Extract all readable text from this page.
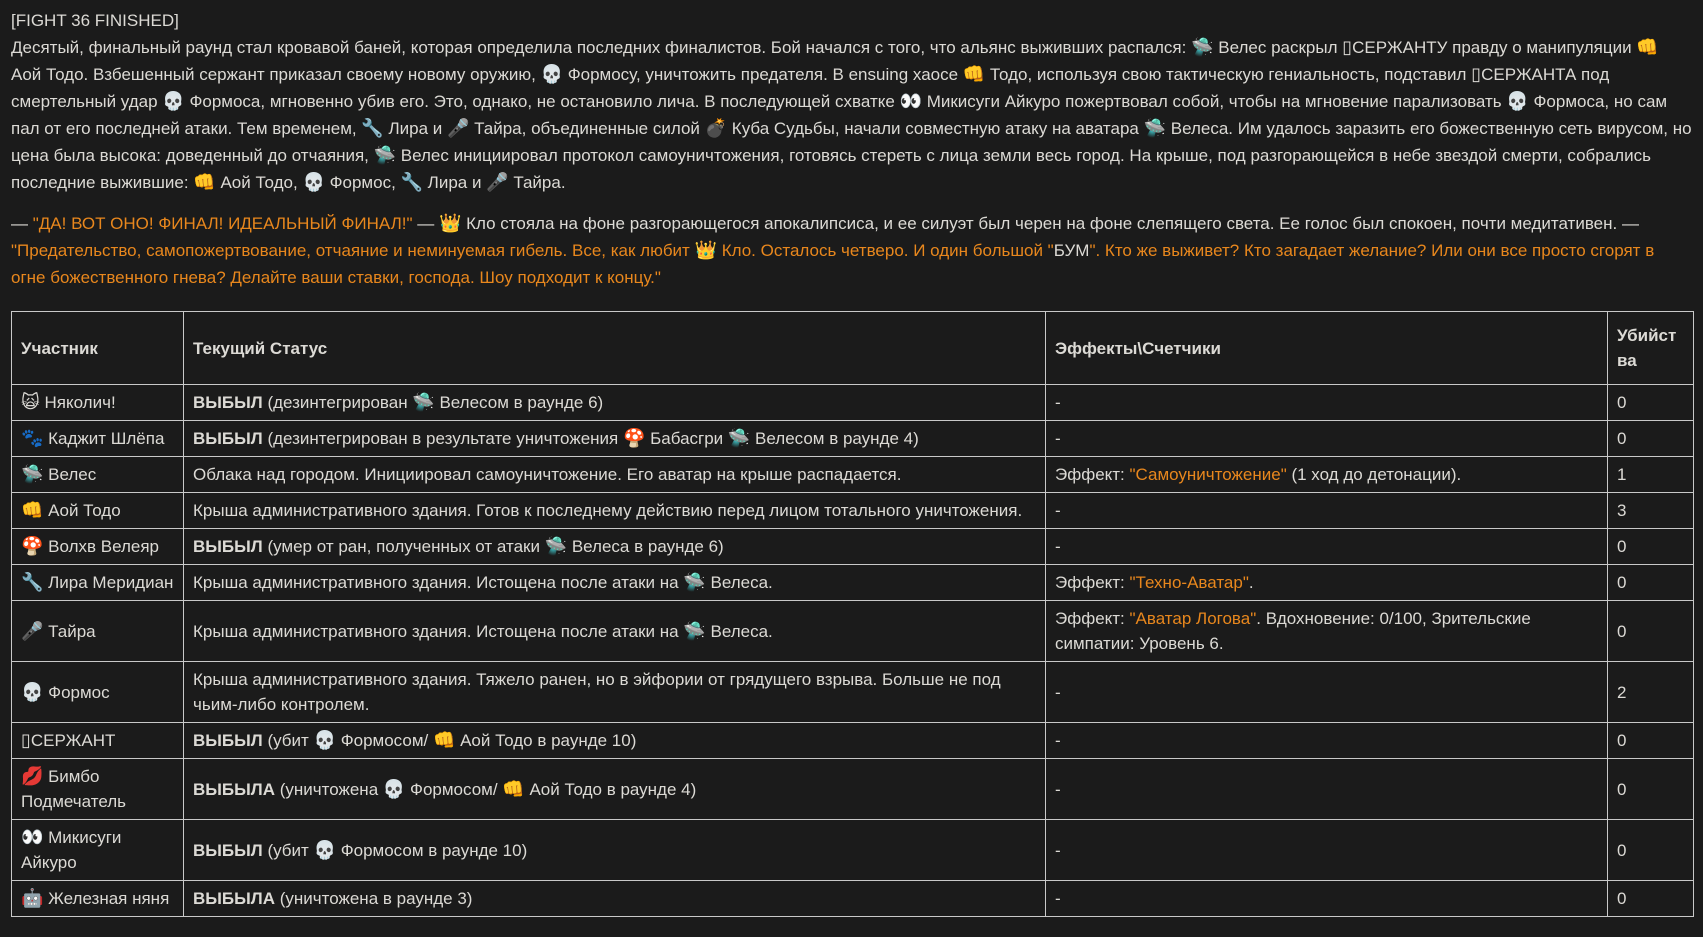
[FIGHT 36 FINISHED]

Десятый, финальный раунд стал кровавой баней, которая определила последних финалистов. Бой начался с того, что альянс выживших распался: 🛸 Велес раскрыл ▯СЕРЖАНТУ правду о манипуляции 👊 Аой Тодо. Взбешенный сержант приказал своему новому оружию, 💀 Формосу, уничтожить предателя. В ensuing хаосе 👊 Тодо, используя свою тактическую гениальность, подставил ▯СЕРЖАНТА под смертельный удар 💀 Формоса, мгновенно убив его. Это, однако, не остановило лича. В последующей схватке 👀 Микисуги Айкуро пожертвовал собой, чтобы на мгновение парализовать 💀 Формоса, но сам пал от его последней атаки. Тем временем, 🔧 Лира и 🎤 Тайра, объединенные силой 💣 Куба Судьбы, начали совместную атаку на аватара 🛸 Велеса. Им удалось заразить его божественную сеть вирусом, но цена была высока: доведенный до отчаяния, 🛸 Велес инициировал протокол самоуничтожения, готовясь стереть с лица земли весь город. На крыше, под разгорающейся в небе звездой смерти, собрались последние выжившие: 👊 Аой Тодо, 💀 Формос, 🔧 Лира и 🎤 Тайра.

— "ДА! ВОТ ОНО! ФИНАЛ! ИДЕАЛЬНЫЙ ФИНАЛ!" — 👑 Кло стояла на фоне разгорающегося апокалипсиса, и ее силуэт был черен на фоне слепящего света. Ее голос был спокоен, почти медитативен. — "Предательство, самопожертвование, отчаяние и неминуемая гибель. Все, как любит 👑 Кло. Осталось четверо. И один большой "БУМ". Кто же выживет? Кто загадает желание? Или они все просто сгорят в огне божественного гнева? Делайте ваши ставки, господа. Шоу подходит к концу."

Участник	Текущий Статус	Эффекты\Счетчики	Убийства
🙀 Няколич!	ВЫБЫЛ (дезинтегрирован 🛸 Велесом в раунде 6)	-	0
🐾 Каджит Шлёпа	ВЫБЫЛ (дезинтегрирован в результате уничтожения 🍄 Бабасгри 🛸 Велесом в раунде 4)	-	0
🛸 Велес	Облака над городом. Инициировал самоуничтожение. Его аватар на крыше распадается.	Эффект: "Самоуничтожение" (1 ход до детонации).	1
👊 Аой Тодо	Крыша административного здания. Готов к последнему действию перед лицом тотального уничтожения.	-	3
🍄 Волхв Велеяр	ВЫБЫЛ (умер от ран, полученных от атаки 🛸 Велеса в раунде 6)	-	0
🔧 Лира Меридиан	Крыша административного здания. Истощена после атаки на 🛸 Велеса.	Эффект: "Техно-Аватар".	0
🎤 Тайра	Крыша административного здания. Истощена после атаки на 🛸 Велеса.	Эффект: "Аватар Логова". Вдохновение: 0/100, Зрительские симпатии: Уровень 6.	0
💀 Формос	Крыша административного здания. Тяжело ранен, но в эйфории от грядущего взрыва. Больше не под чьим-либо контролем.	-	2
▯СЕРЖАНТ	ВЫБЫЛ (убит 💀 Формосом/ 👊 Аой Тодо в раунде 10)	-	0
💋 Бимбо Подмечатель	ВЫБЫЛА (уничтожена 💀 Формосом/ 👊 Аой Тодо в раунде 4)	-	0
👀 Микисуги Айкуро	ВЫБЫЛ (убит 💀 Формосом в раунде 10)	-	0
🤖 Железная няня	ВЫБЫЛА (уничтожена в раунде 3)	-	0
